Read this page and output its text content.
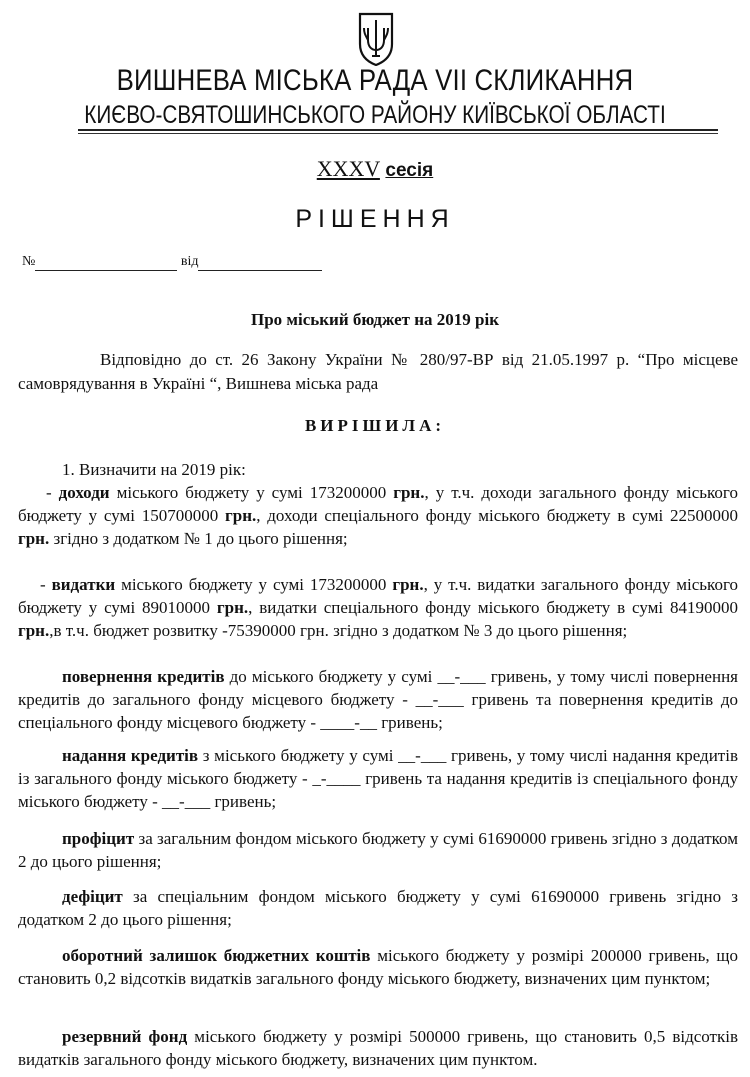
ВИШНЕВА МІСЬКА РАДА VII СКЛИКАННЯ
КИЄВО-СВЯТОШИНСЬКОГО РАЙОНУ КИЇВСЬКОЇ ОБЛАСТІ
XXXV сесія
РІШЕННЯ
№	від
Про міський бюджет на 2019 рік
Відповідно до ст. 26 Закону України № 280/97-ВР від 21.05.1997 р. “Про місцеве самоврядування в Україні “, Вишнева міська рада
ВИРІШИЛА:
1. Визначити на 2019 рік:
- доходи міського бюджету у сумі 173200000 грн., у т.ч. доходи загального фонду міського бюджету у сумі 150700000 грн., доходи спеціального фонду міського бюджету в сумі 22500000 грн. згідно з додатком № 1 до цього рішення;
- видатки міського бюджету у сумі 173200000 грн., у т.ч. видатки загального фонду міського бюджету у сумі 89010000 грн., видатки спеціального фонду міського бюджету в сумі 84190000 грн.,в т.ч. бюджет розвитку -75390000 грн. згідно з додатком № 3 до цього рішення;
повернення кредитів до міського бюджету у сумі __-___ гривень, у тому числі повернення кредитів до загального фонду місцевого бюджету - __-___ гривень та повернення кредитів до спеціального фонду місцевого бюджету - ____-__ гривень;
надання кредитів з міського бюджету у сумі __-___ гривень, у тому числі надання кредитів із загального фонду міського бюджету - _-____ гривень та надання кредитів із спеціального фонду міського бюджету - __-___ гривень;
профіцит за загальним фондом міського бюджету у сумі 61690000 гривень згідно з додатком 2 до цього рішення;
дефіцит за спеціальним фондом міського бюджету у сумі 61690000 гривень згідно з додатком 2 до цього рішення;
оборотний залишок бюджетних коштів міського бюджету у розмірі 200000 гривень, що становить 0,2 відсотків видатків загального фонду міського бюджету, визначених цим пунктом;
резервний фонд міського бюджету у розмірі 500000 гривень, що становить 0,5 відсотків видатків загального фонду міського бюджету, визначених цим пунктом.
